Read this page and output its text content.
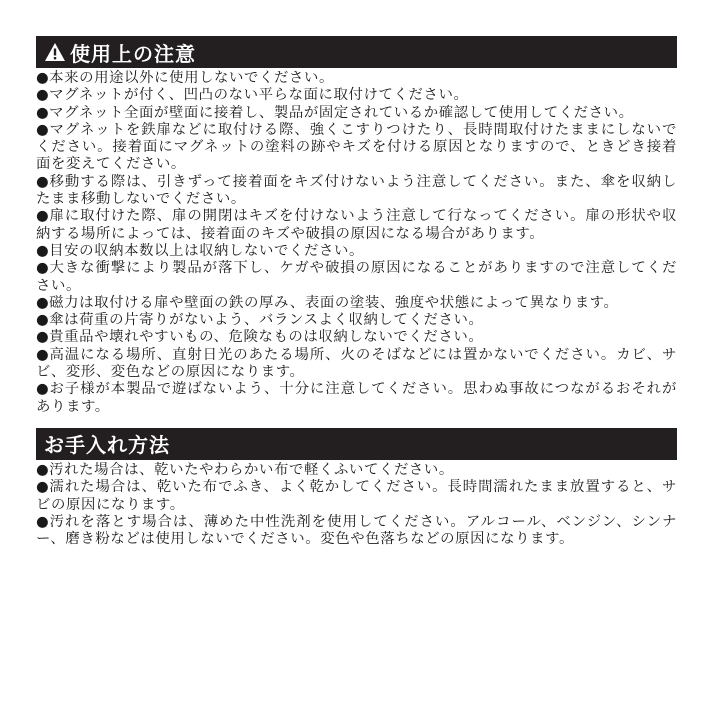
使用上の注意
●本来の用途以外に使用しないでください。
●マグネットが付く、凹凸のない平らな面に取付けてください。
●マグネット全面が壁面に接着し、製品が固定されているか確認して使用してください。
●マグネットを鉄扉などに取付ける際、強くこすりつけたり、長時間取付けたままにしないでください。接着面にマグネットの塗料の跡やキズを付ける原因となりますので、ときどき接着面を変えてください。
●移動する際は、引きずって接着面をキズ付けないよう注意してください。また、傘を収納したまま移動しないでください。
●扉に取付けた際、扉の開閉はキズを付けないよう注意して行なってください。扉の形状や収納する場所によっては、接着面のキズや破損の原因になる場合があります。
●目安の収納本数以上は収納しないでください。
●大きな衝撃により製品が落下し、ケガや破損の原因になることがありますので注意してください。
●磁力は取付ける扉や壁面の鉄の厚み、表面の塗装、強度や状態によって異なります。
●傘は荷重の片寄りがないよう、バランスよく収納してください。
●貴重品や壊れやすいもの、危険なものは収納しないでください。
●高温になる場所、直射日光のあたる場所、火のそばなどには置かないでください。カビ、サビ、変形、変色などの原因になります。
●お子様が本製品で遊ばないよう、十分に注意してください。思わぬ事故につながるおそれがあります。
お手入れ方法
●汚れた場合は、乾いたやわらかい布で軽くふいてください。
●濡れた場合は、乾いた布でふき、よく乾かしてください。長時間濡れたまま放置すると、サビの原因になります。
●汚れを落とす場合は、薄めた中性洗剤を使用してください。アルコール、ベンジン、シンナー、磨き粉などは使用しないでください。変色や色落ちなどの原因になります。
